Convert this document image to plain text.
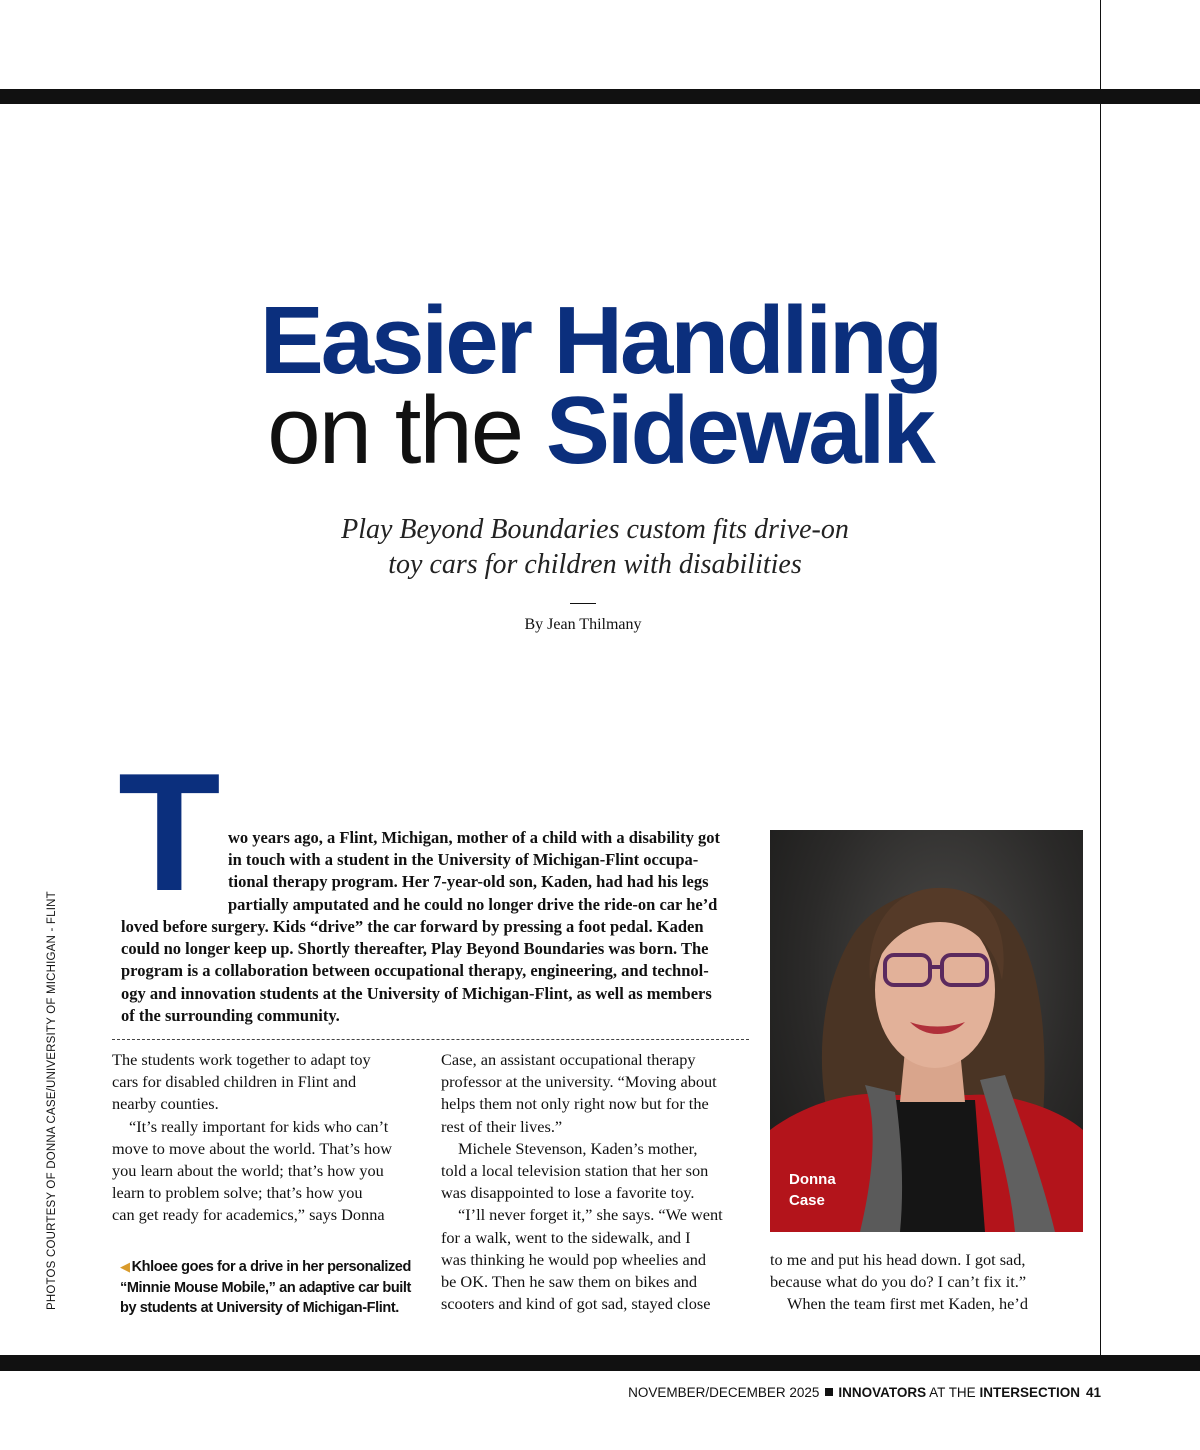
Easier Handling
on the Sidewalk
Play Beyond Boundaries custom fits drive-on
toy cars for children with disabilities
By Jean Thilmany
T wo years ago, a Flint, Michigan, mother of a child with a disability got
in touch with a student in the University of Michigan-Flint occupa-
tional therapy program. Her 7-year-old son, Kaden, had had his legs
partially amputated and he could no longer drive the ride-on car he’d
loved before surgery. Kids “drive” the car forward by pressing a foot pedal. Kaden
could no longer keep up. Shortly thereafter, Play Beyond Boundaries was born. The
program is a collaboration between occupational therapy, engineering, and technol-
ogy and innovation students at the University of Michigan-Flint, as well as members
of the surrounding community.
The students work together to adapt toy
cars for disabled children in Flint and
nearby counties.
“It’s really important for kids who can’t
move to move about the world. That’s how
you learn about the world; that’s how you
learn to problem solve; that’s how you
can get ready for academics,” says Donna
Case, an assistant occupational therapy
professor at the university. “Moving about
helps them not only right now but for the
rest of their lives.”
Michele Stevenson, Kaden’s mother,
told a local television station that her son
was disappointed to lose a favorite toy.
“I’ll never forget it,” she says. “We went
for a walk, went to the sidewalk, and I
was thinking he would pop wheelies and
be OK. Then he saw them on bikes and
scooters and kind of got sad, stayed close
to me and put his head down. I got sad,
because what do you do? I can’t fix it.”
When the team first met Kaden, he’d
◀ Khloee goes for a drive in her personalized
“Minnie Mouse Mobile,” an adaptive car built
by students at University of Michigan-Flint.
PHOTOS COURTESY OF DONNA CASE/UNIVERSITY OF MICHIGAN - FLINT	Donna
Case
NOVEMBER/DECEMBER 2025 INNOVATORS AT THE INTERSECTION 41
